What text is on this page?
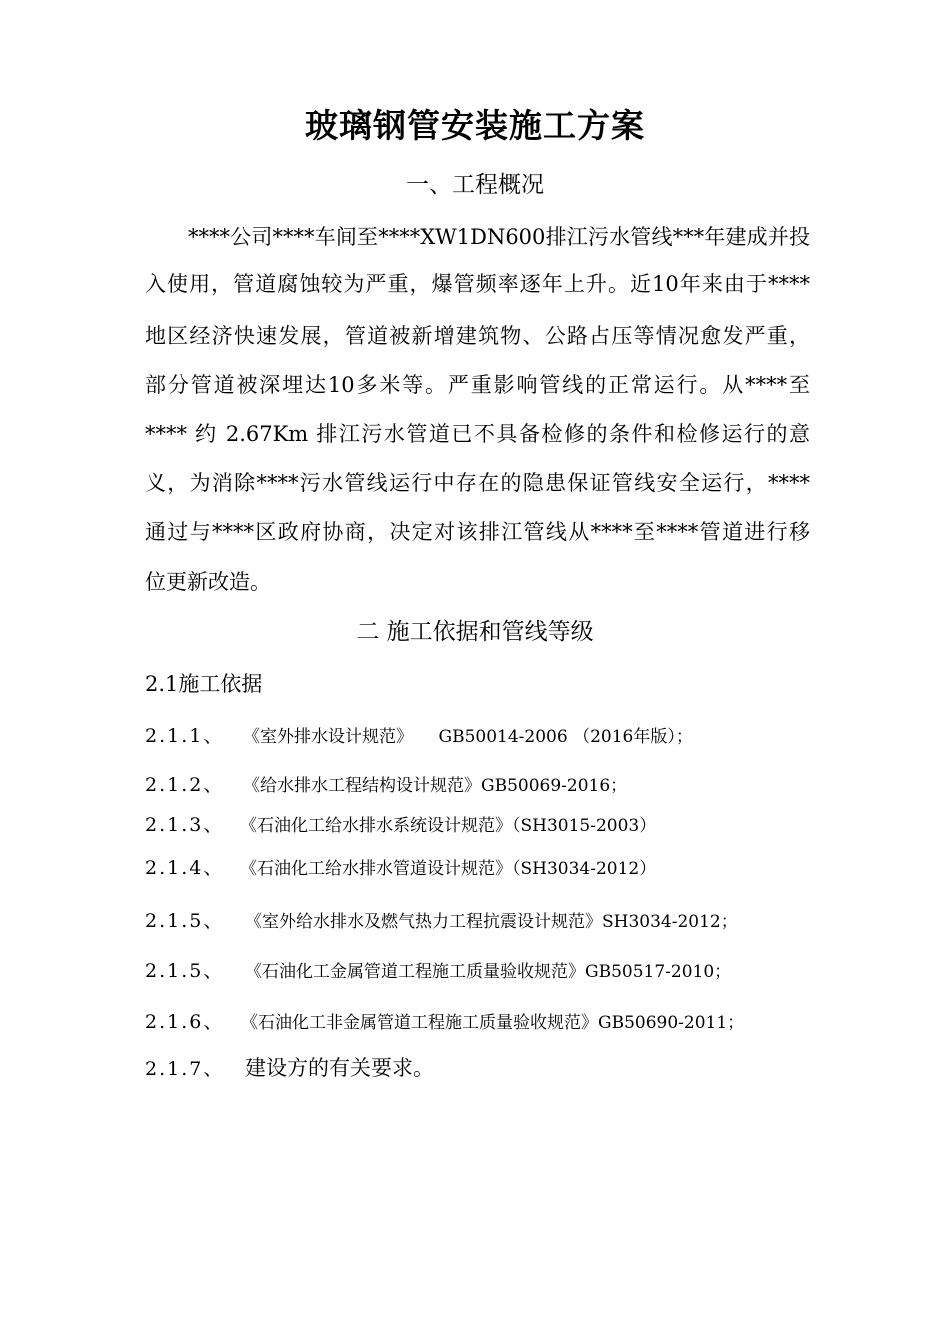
玻璃钢管安装施工方案
一、工程概况

****公司****车间至****XW1DN600排江污水管线***年建成并投

入使用，管道腐蚀较为严重，爆管频率逐年上升。近10年来由于****

地区经济快速发展，管道被新增建筑物、公路占压等情况愈发严重，

部分管道被深埋达10多米等。严重影响管线的正常运行。从****至

**** 约 2.67Km 排江污水管道已不具备检修的条件和检修运行的意

义，为消除****污水管线运行中存在的隐患保证管线安全运行，****

通过与****区政府协商，决定对该排江管线从****至****管道进行移

位更新改造。

二 施工依据和管线等级

2.1施工依据

2.1.1、 《室外排水设计规范》　　GB50014-2006 （2016年版）；

2.1.2、 《给水排水工程结构设计规范》GB50069-2016；

2.1.3、 《石油化工给水排水系统设计规范》（SH3015-2003）

2.1.4、 《石油化工给水排水管道设计规范》（SH3034-2012）

2.1.5、 《室外给水排水及燃气热力工程抗震设计规范》SH3034-2012；

2.1.5、 《石油化工金属管道工程施工质量验收规范》GB50517-2010；

2.1.6、 《石油化工非金属管道工程施工质量验收规范》GB50690-2011；

2.1.7、 建设方的有关要求。
